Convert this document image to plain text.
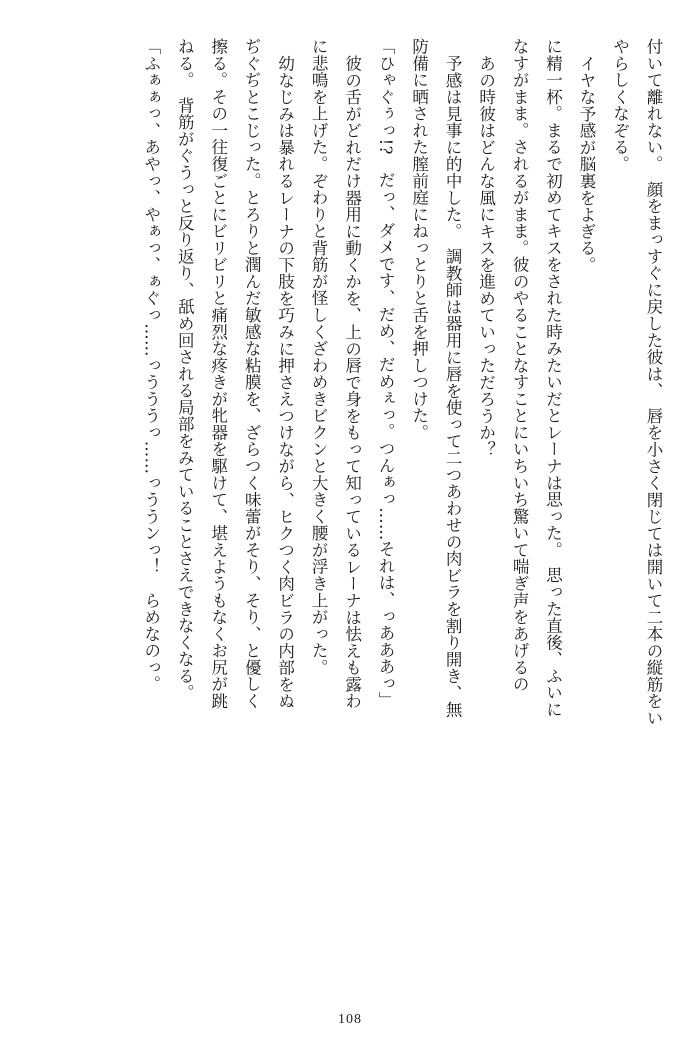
付いて離れない。　顔をまっすぐに戻した彼は、　唇を小さく閉じては開いて二本の縦筋をい

やらしくなぞる。

イヤな予感が脳裏をよぎる。

に精一杯。まるで初めてキスをされた時みたいだとレーナは思った。　思った直後、ふいに

なすがまま。されるがまま。彼のやることなすことにいちいち驚いて喘ぎ声をあげるの

あの時彼はどんな風にキスを進めていっただろうか？

予感は見事に的中した。　調教師は器用に唇を使って二つあわせの肉ビラを割り開き、無

防備に晒された膣前庭にねっとりと舌を押しつけた。

「ひゃぐぅっ!?　だっ、ダメです、だめ、だめぇっ。つんぁっ……それは、っあああっ」

彼の舌がどれだけ器用に動くかを、上の唇で身をもって知っているレーナは怯えも露わ

に悲鳴を上げた。ぞわりと背筋が怪しくざわめきビクンと大きく腰が浮き上がった。

幼なじみは暴れるレーナの下肢を巧みに押さえつけながら、ヒクつく肉ビラの内部をぬ

ぢぐぢとこじった。とろりと潤んだ敏感な粘膜を、ざらつく味蕾がそり、そり、と優しく

擦る。その一往復ごとにビリビリと痛烈な疼きが牝器を駆けて、堪えようもなくお尻が跳

ねる。　背筋がぐうっと反り返り、舐め回される局部をみていることさえできなくなる。

「ふぁぁっ、あやっ、やぁっ、ぁぐっ……っうううっ……っううンっ！　らめなのっ。

108
